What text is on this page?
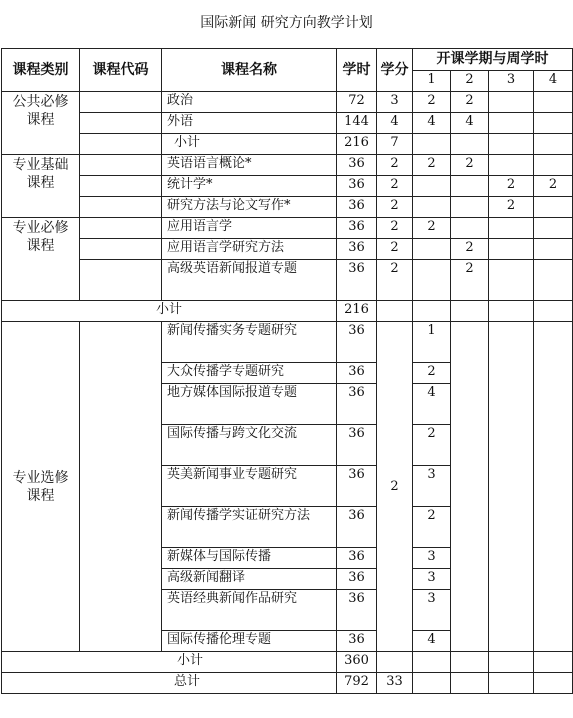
国际新闻 研究方向教学计划
课程类别	课程代码	课程名称	学时	学分	开课学期与周学时			
					1	2	3	4
公共必修课程		政治	72	3	2	2		
		外语	144	4	4	4		
		小计	216	7				
专业基础课程		英语语言概论*	36	2	2	2		
		统计学*	36	2			2	2
		研究方法与论文写作*	36	2			2	
专业必修课程		应用语言学	36	2	2			
		应用语言学研究方法	36	2		2		
		高级英语新闻报道专题	36	2		2		
小计			216					
专业选修课程		新闻传播实务专题研究	36	2	1			
		大众传播学专题研究	36		2			
		地方媒体国际报道专题	36		4			
		国际传播与跨文化交流	36		2			
		英美新闻事业专题研究	36		3			
		新闻传播学实证研究方法	36		2			
		新媒体与国际传播	36		3			
		高级新闻翻译	36		3			
		英语经典新闻作品研究	36		3			
		国际传播伦理专题	36		4			
小计			360					
总计			792	33				
